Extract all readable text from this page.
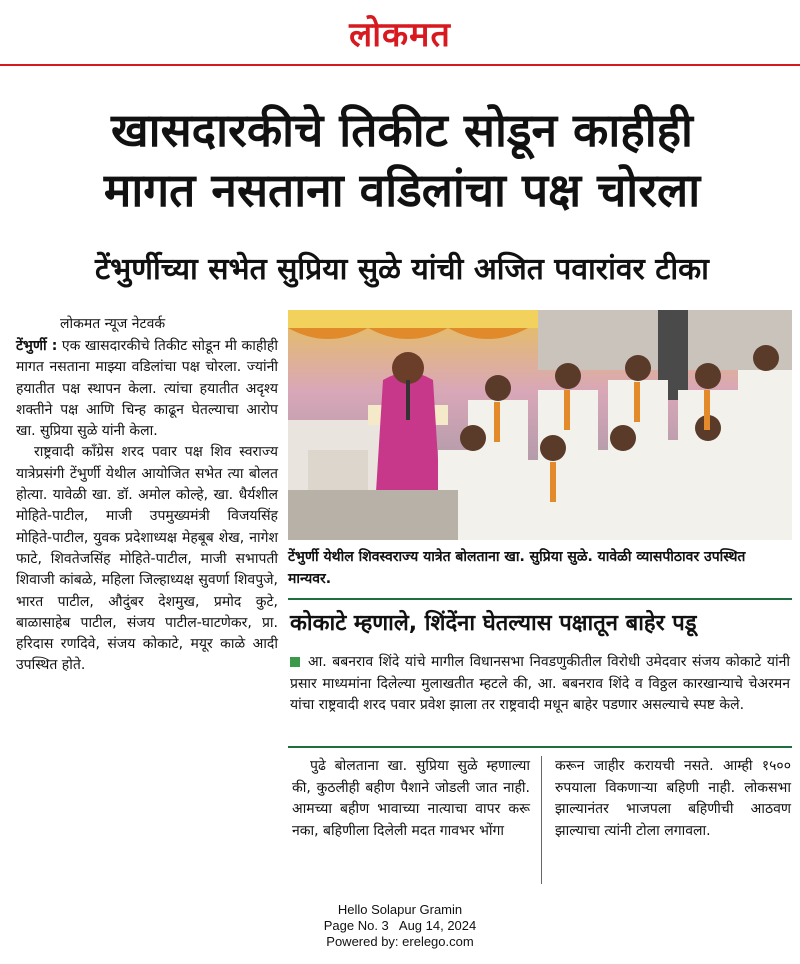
लोकमत
खासदारकीचे तिकीट सोडून काहीही
मागत नसताना वडिलांचा पक्ष चोरला
टेंभुर्णीच्या सभेत सुप्रिया सुळे यांची अजित पवारांवर टीका
लोकमत न्यूज नेटवर्क

टेंभुर्णी : एक खासदारकीचे तिकीट सोडून मी काहीही मागत नसताना माझ्या वडिलांचा पक्ष चोरला. ज्यांनी हयातीत पक्ष स्थापन केला. त्यांचा हयातीत अदृश्य शक्तीने पक्ष आणि चिन्ह काढून घेतल्याचा आरोप खा. सुप्रिया सुळे यांनी केला.

राष्ट्रवादी काँग्रेस शरद पवार पक्ष शिव स्वराज्य यात्रेप्रसंगी टेंभुर्णी येथील आयोजित सभेत त्या बोलत होत्या. यावेळी खा. डॉ. अमोल कोल्हे, खा. धैर्यशील मोहिते-पाटील, माजी उपमुख्यमंत्री विजयसिंह मोहिते-पाटील, युवक प्रदेशाध्यक्ष मेहबूब शेख, नागेश फाटे, शिवतेजसिंह मोहिते-पाटील, माजी सभापती शिवाजी कांबळे, महिला जिल्हाध्यक्ष सुवर्णा शिवपुजे, भारत पाटील, औदुंबर देशमुख, प्रमोद कुटे, बाळासाहेब पाटील, संजय पाटील-घाटणेकर, प्रा. हरिदास रणदिवे, संजय कोकाटे, मयूर काळे आदी उपस्थित होते.

टेंभुर्णी येथील शिवस्वराज्य यात्रेत बोलताना खा. सुप्रिया सुळे. यावेळी व्यासपीठावर उपस्थित मान्यवर.
कोकाटे म्हणाले, शिंदेंना घेतल्यास पक्षातून बाहेर पडू

आ. बबनराव शिंदे यांचे मागील विधानसभा निवडणुकीतील विरोधी उमेदवार संजय कोकाटे यांनी प्रसार माध्यमांना दिलेल्या मुलाखतीत म्हटले की, आ. बबनराव शिंदे व विठ्ठल कारखान्याचे चेअरमन यांचा राष्ट्रवादी शरद पवार प्रवेश झाला तर राष्ट्रवादी मधून बाहेर पडणार असल्याचे स्पष्ट केले.

पुढे बोलताना खा. सुप्रिया सुळे म्हणाल्या की, कुठलीही बहीण पैशाने जोडली जात नाही. आमच्या बहीण भावाच्या नात्याचा वापर करू नका, बहिणीला दिलेली मदत गावभर भोंगा

करून जाहीर करायची नसते. आम्ही १५०० रुपयाला विकणाऱ्या बहिणी नाही. लोकसभा झाल्यानंतर भाजपला बहिणीची आठवण झाल्याचा त्यांनी टोला लगावला.

Hello Solapur Gramin
Page No. 3   Aug 14, 2024
Powered by: erelego.com
